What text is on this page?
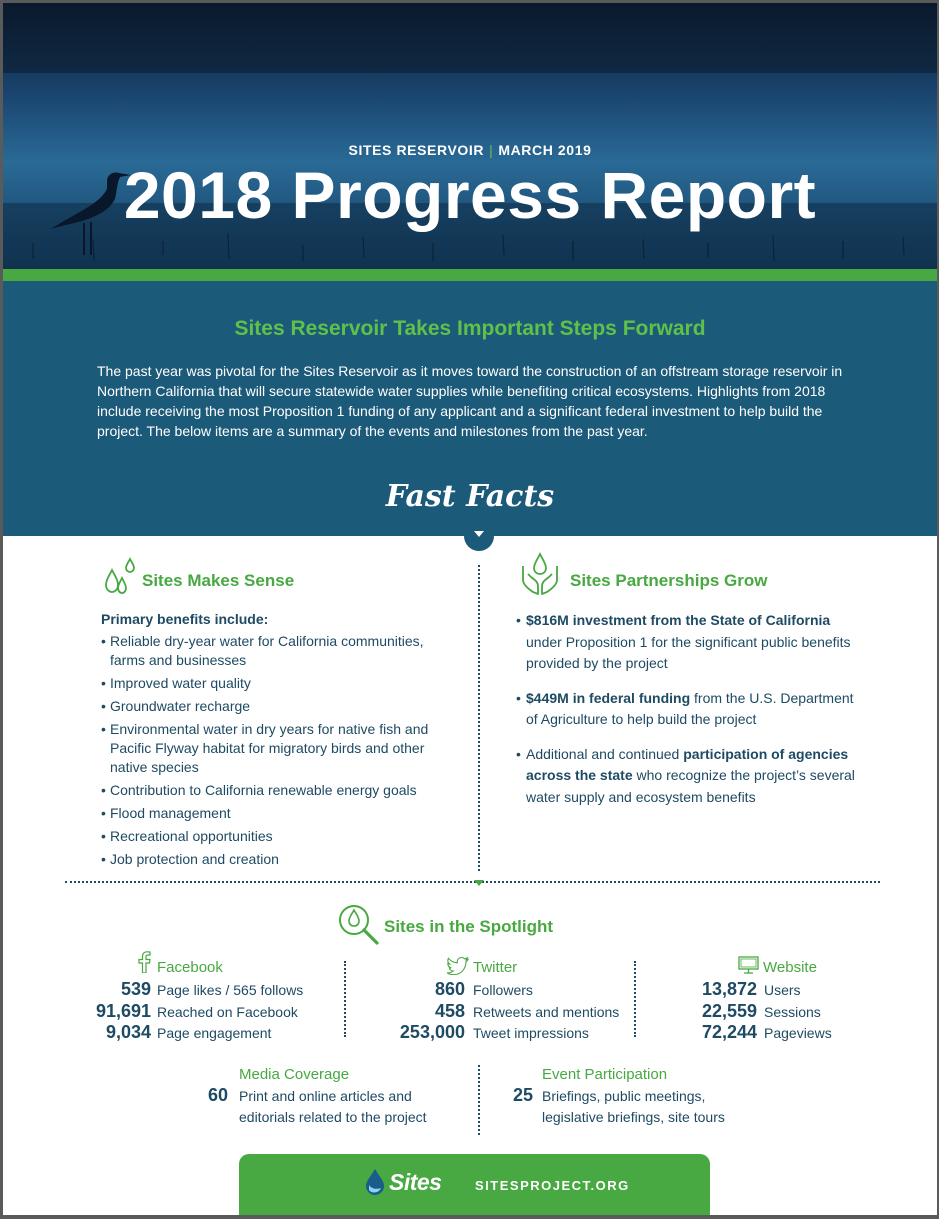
SITES RESERVOIR | MARCH 2019
2018 Progress Report
Sites Reservoir Takes Important Steps Forward
The past year was pivotal for the Sites Reservoir as it moves toward the construction of an offstream storage reservoir in Northern California that will secure statewide water supplies while benefiting critical ecosystems. Highlights from 2018 include receiving the most Proposition 1 funding of any applicant and a significant federal investment to help build the project. The below items are a summary of the events and milestones from the past year.
Fast Facts
Sites Makes Sense
Primary benefits include:
• Reliable dry-year water for California communities, farms and businesses
• Improved water quality
• Groundwater recharge
• Environmental water in dry years for native fish and Pacific Flyway habitat for migratory birds and other native species
• Contribution to California renewable energy goals
• Flood management
• Recreational opportunities
• Job protection and creation
Sites Partnerships Grow
• $816M investment from the State of California under Proposition 1 for the significant public benefits provided by the project
• $449M in federal funding from the U.S. Department of Agriculture to help build the project
• Additional and continued participation of agencies across the state who recognize the project’s several water supply and ecosystem benefits
Sites in the Spotlight
Facebook
539 Page likes / 565 follows
91,691 Reached on Facebook
9,034 Page engagement
Twitter
860 Followers
458 Retweets and mentions
253,000 Tweet impressions
Website
13,872 Users
22,559 Sessions
72,244 Pageviews
Media Coverage
60 Print and online articles and
editorials related to the project
Event Participation
25 Briefings, public meetings,
legislative briefings, site tours
Sites	SITESPROJECT.ORG
